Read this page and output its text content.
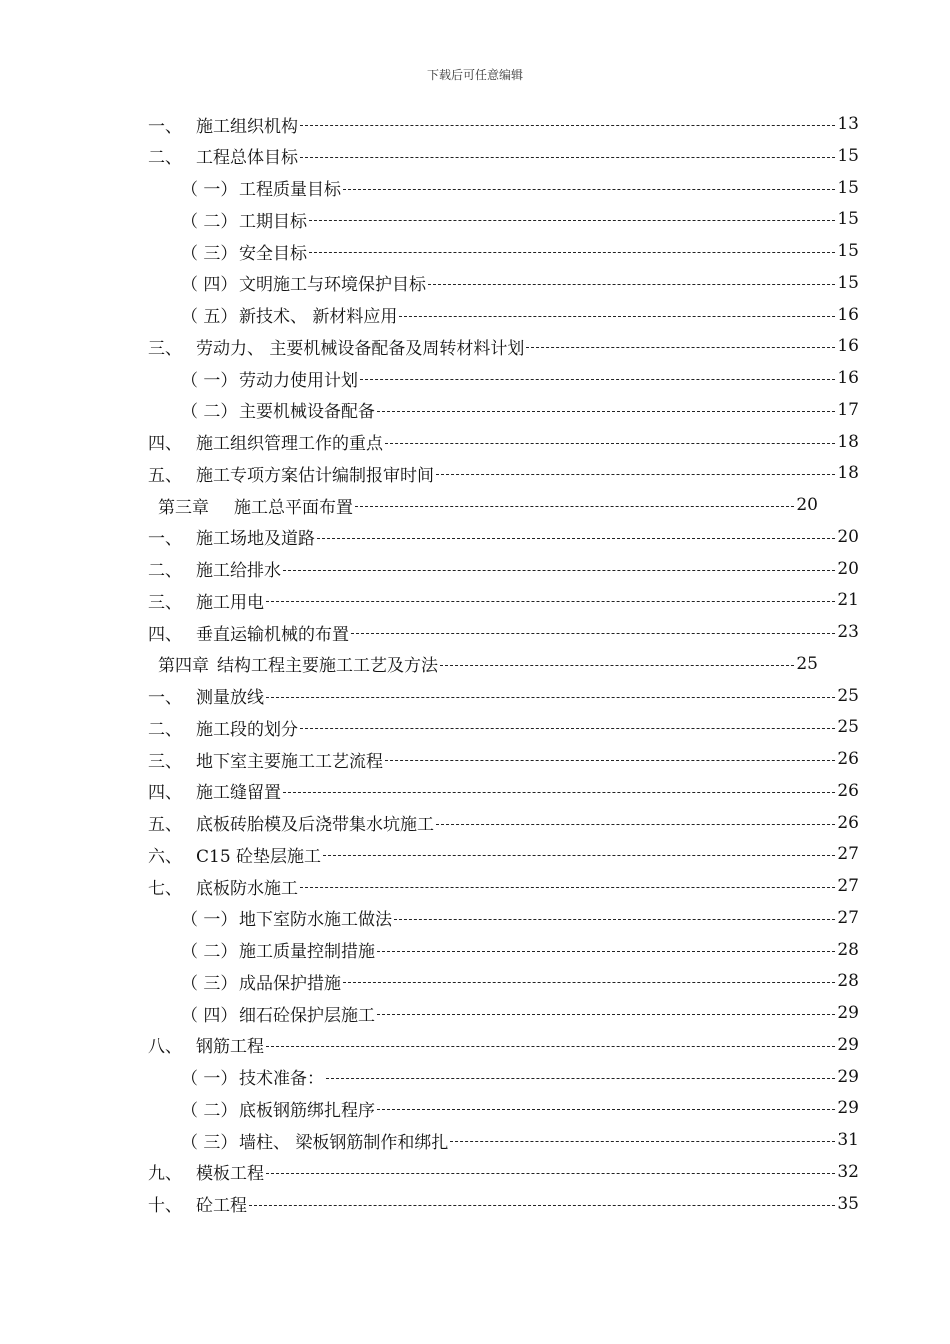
下载后可任意编辑
一、 施工组织机构	13
二、 工程总体目标	15
（ 一） 工程质量目标	15
（ 二） 工期目标	15
（ 三） 安全目标	15
（ 四） 文明施工与环境保护目标	15
（ 五） 新技术、 新材料应用	16
三、 劳动力、 主要机械设备配备及周转材料计划	16
（ 一） 劳动力使用计划	16
（ 二） 主要机械设备配备	17
四、 施工组织管理工作的重点	18
五、 施工专项方案估计编制报审时间	18
第三章	施工总平面布置	20
一、 施工场地及道路	20
二、 施工给排水	20
三、 施工用电	21
四、 垂直运输机械的布置	23
第四章 结构工程主要施工工艺及方法	25
一、 测量放线	25
二、 施工段的划分	25
三、 地下室主要施工工艺流程	26
四、 施工缝留置	26
五、 底板砖胎模及后浇带集水坑施工	26
六、 C15 砼垫层施工	27
七、 底板防水施工	27
（ 一） 地下室防水施工做法	27
（ 二） 施工质量控制措施	28
（ 三） 成品保护措施	28
（ 四） 细石砼保护层施工	29
八、 钢筋工程	29
（ 一） 技术准备：	29
（ 二） 底板钢筋绑扎程序	29
（ 三） 墙柱、 梁板钢筋制作和绑扎	31
九、 模板工程	32
十、 砼工程	35
